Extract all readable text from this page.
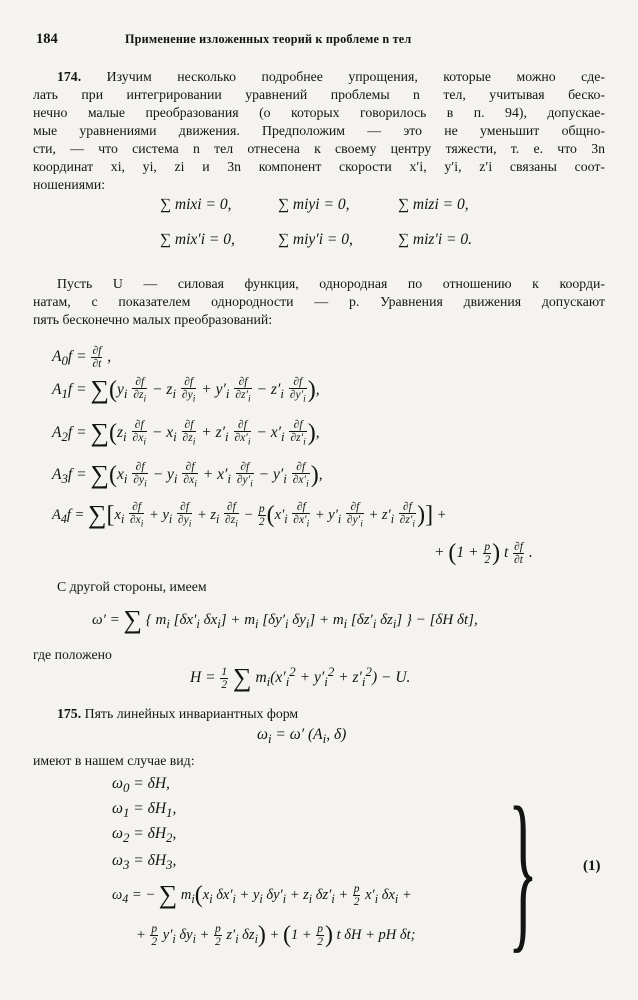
184	Применение изложенных теорий к проблеме n тел
174. Изучим несколько подробнее упрощения, которые можно сде-
лать при интегрировании уравнений проблемы n тел, учитывая беско-
нечно малые преобразования (о которых говорилось в п. 94), допускае-
мые уравнениями движения. Предположим — это не уменьшит общно-
сти, — что система n тел отнесена к своему центру тяжести, т. е. что 3n
координат xi, yi, zi и 3n компонент скорости x′i, y′i, z′i связаны соот-
ношениями:
∑ mixi = 0,	∑ miyi = 0,	∑ mizi = 0,
∑ mix′i = 0,	∑ miy′i = 0,	∑ miz′i = 0.
Пусть U — силовая функция, однородная по отношению к коорди-
натам, с показателем однородности — p. Уравнения движения допускают
пять бесконечно малых преобразований:
$A_0f = \frac{\partial f}{\partial t}$ ,
$A_1f = \sum(y_i \frac{\partial f}{\partial z_i} - z_i \frac{\partial f}{\partial y_i} + y'_i \frac{\partial f}{\partial z'_i} - z'_i \frac{\partial f}{\partial y'_i}$ ),
$A_2f = \sum(z_i \frac{\partial f}{\partial x_i} - x_i \frac{\partial f}{\partial z_i} + z'_i \frac{\partial f}{\partial x'_i} - x'_i \frac{\partial f}{\partial z'_i}$ ),
$A_3f = \sum(x_i \frac{\partial f}{\partial y_i} - y_i \frac{\partial f}{\partial x_i} + x'_i \frac{\partial f}{\partial y'_i} - y'_i \frac{\partial f}{\partial x'_i}$ ),
$A_4f = \sum[x_i \frac{\partial f}{\partial x_i} + y_i \frac{\partial f}{\partial y_i} + z_i \frac{\partial f}{\partial z_i} - \frac{p}{2} (x'_i \frac{\partial f}{\partial x'_i} + y'_i \frac{\partial f}{\partial y'_i} + z'_i \frac{\partial f}{\partial z'_i}$ )] +
+ ($1 + \frac{p}{2}$ ) t $\frac{\partial f}{\partial t}$ .
С другой стороны, имеем
ω′ = ∑ { $m_i$ [$\delta x'_i$ $\delta x_i] + m_i$ [$\delta y'_i$ $\delta y_i] + m_i$ [$\delta z'_i$ $\delta z_i$] } − [δH δt],
где положено
$H = \frac{1}{2}$ ∑ $m_i(x'_i^2 + y'_i^2 + z'_i^2) - U$.
175. Пять линейных инвариантных форм
$\omega_i = \omega'$ ($A_i$, δ)
имеют в нашем случае вид:
$\omega_0 = \delta H$,
$\omega_1 = \delta H_1$,
$\omega_2 = \delta H_2$,
$\omega_3 = \delta H_3$,
$\omega_4$ = − ∑ $m_i(x_i$ $\delta x'_i + y_i$ $\delta y'_i + z_i$ $\delta z'_i + \frac{p}{2} x'_i$ $\delta x_i$ +
+ $\frac{p}{2} y'_i$ $\delta y_i + \frac{p}{2} z'_i$ $\delta z_i) + (1 + \frac{p}{2}$ ) t δH + pH δt; }	(1)
